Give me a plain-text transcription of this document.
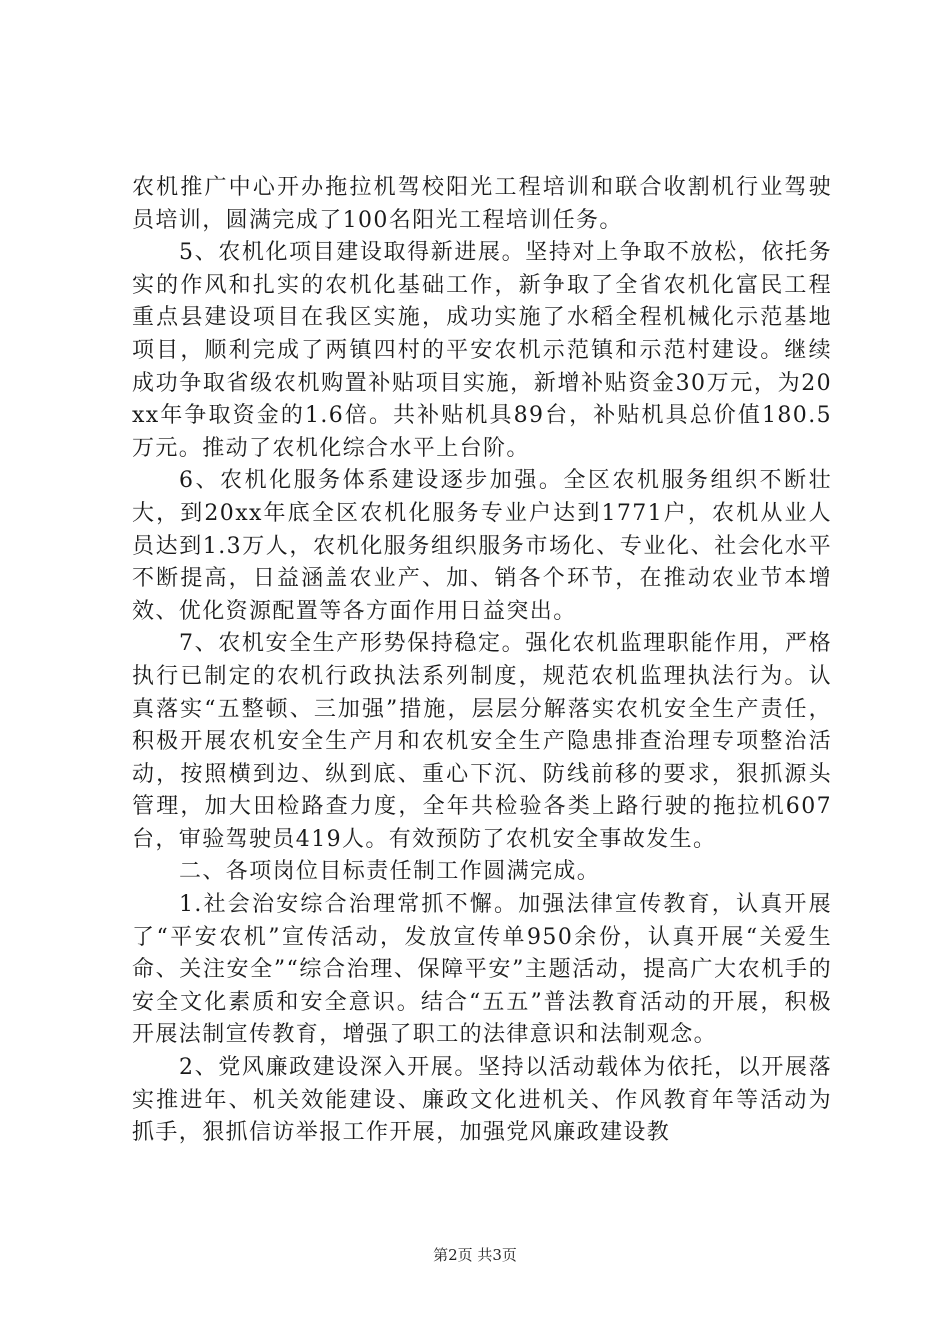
农机推广中心开办拖拉机驾校阳光工程培训和联合收割机行业驾驶员培训，圆满完成了100名阳光工程培训任务。

5、农机化项目建设取得新进展。坚持对上争取不放松，依托务实的作风和扎实的农机化基础工作，新争取了全省农机化富民工程重点县建设项目在我区实施，成功实施了水稻全程机械化示范基地项目，顺利完成了两镇四村的平安农机示范镇和示范村建设。继续成功争取省级农机购置补贴项目实施，新增补贴资金30万元，为20xx年争取资金的1.6倍。共补贴机具89台，补贴机具总价值180.5万元。推动了农机化综合水平上台阶。

6、农机化服务体系建设逐步加强。全区农机服务组织不断壮大，到20xx年底全区农机化服务专业户达到1771户，农机从业人员达到1.3万人，农机化服务组织服务市场化、专业化、社会化水平不断提高，日益涵盖农业产、加、销各个环节，在推动农业节本增效、优化资源配置等各方面作用日益突出。

7、农机安全生产形势保持稳定。强化农机监理职能作用，严格执行已制定的农机行政执法系列制度，规范农机监理执法行为。认真落实“五整顿、三加强”措施，层层分解落实农机安全生产责任，积极开展农机安全生产月和农机安全生产隐患排查治理专项整治活动，按照横到边、纵到底、重心下沉、防线前移的要求，狠抓源头管理，加大田检路查力度，全年共检验各类上路行驶的拖拉机607台，审验驾驶员419人。有效预防了农机安全事故发生。

二、各项岗位目标责任制工作圆满完成。

1.社会治安综合治理常抓不懈。加强法律宣传教育，认真开展了“平安农机”宣传活动，发放宣传单950余份，认真开展“关爱生命、关注安全”“综合治理、保障平安”主题活动，提高广大农机手的安全文化素质和安全意识。结合“五五”普法教育活动的开展，积极开展法制宣传教育，增强了职工的法律意识和法制观念。

2、党风廉政建设深入开展。坚持以活动载体为依托，以开展落实推进年、机关效能建设、廉政文化进机关、作风教育年等活动为抓手，狠抓信访举报工作开展，加强党风廉政建设教

第2页 共3页
